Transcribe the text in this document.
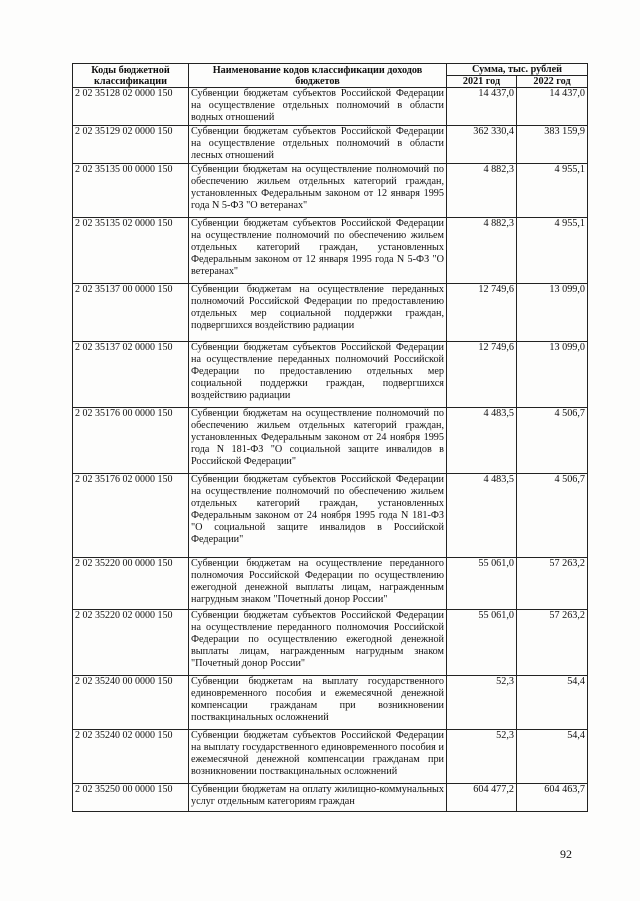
Коды бюджетной классификации	Наименование кодов классификации доходов бюджетов	Сумма, тыс. рублей	
		2021 год	2022 год
2 02 35128 02 0000 150	Субвенции бюджетам субъектов Российской Федерации на осуществление отдельных полномочий в области водных отношений	14 437,0	14 437,0
2 02 35129 02 0000 150	Субвенции бюджетам субъектов Российской Федерации на осуществление отдельных полномочий в области лесных отношений	362 330,4	383 159,9
2 02 35135 00 0000 150	Субвенции бюджетам на осуществление полномочий по обеспечению жильем отдельных категорий граждан, установленных Федеральным законом от 12 января 1995 года N 5-ФЗ "О ветеранах"	4 882,3	4 955,1
2 02 35135 02 0000 150	Субвенции бюджетам субъектов Российской Федерации на осуществление полномочий по обеспечению жильем отдельных категорий граждан, установленных Федеральным законом от 12 января 1995 года N 5-ФЗ "О ветеранах"	4 882,3	4 955,1
2 02 35137 00 0000 150	Субвенции бюджетам на осуществление переданных полномочий Российской Федерации по предоставлению отдельных мер социальной поддержки граждан, подвергшихся воздействию радиации	12 749,6	13 099,0
2 02 35137 02 0000 150	Субвенции бюджетам субъектов Российской Федерации на осуществление переданных полномочий Российской Федерации по предоставлению отдельных мер социальной поддержки граждан, подвергшихся воздействию радиации	12 749,6	13 099,0
2 02 35176 00 0000 150	Субвенции бюджетам на осуществление полномочий по обеспечению жильем отдельных категорий граждан, установленных Федеральным законом от 24 ноября 1995 года N 181-ФЗ "О социальной защите инвалидов в Российской Федерации"	4 483,5	4 506,7
2 02 35176 02 0000 150	Субвенции бюджетам субъектов Российской Федерации на осуществление полномочий по обеспечению жильем отдельных категорий граждан, установленных Федеральным законом от 24 ноября 1995 года N 181-ФЗ "О социальной защите инвалидов в Российской Федерации"	4 483,5	4 506,7
2 02 35220 00 0000 150	Субвенции бюджетам на осуществление переданного полномочия Российской Федерации по осуществлению ежегодной денежной выплаты лицам, награжденным нагрудным знаком "Почетный донор России"	55 061,0	57 263,2
2 02 35220 02 0000 150	Субвенции бюджетам субъектов Российской Федерации на осуществление переданного полномочия Российской Федерации по осуществлению ежегодной денежной выплаты лицам, награжденным нагрудным знаком "Почетный донор России"	55 061,0	57 263,2
2 02 35240 00 0000 150	Субвенции бюджетам на выплату государственного единовременного пособия и ежемесячной денежной компенсации гражданам при возникновении поствакцинальных осложнений	52,3	54,4
2 02 35240 02 0000 150	Субвенции бюджетам субъектов Российской Федерации на выплату государственного единовременного пособия и ежемесячной денежной компенсации гражданам при возникновении поствакцинальных осложнений	52,3	54,4
2 02 35250 00 0000 150	Субвенции бюджетам на оплату жилищно-коммунальных услуг отдельным категориям граждан	604 477,2	604 463,7
92
